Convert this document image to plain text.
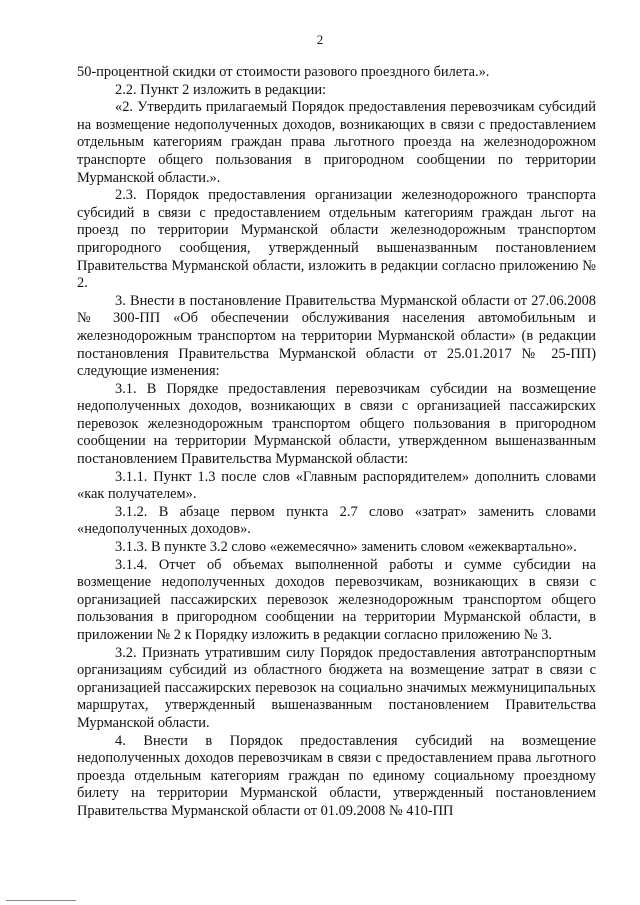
2

50-процентной скидки от стоимости разового проездного билета.».

2.2. Пункт 2 изложить в редакции:

«2. Утвердить прилагаемый Порядок предоставления перевозчикам субсидий на возмещение недополученных доходов, возникающих в связи с предоставлением отдельным категориям граждан права льготного проезда на железнодорожном транспорте общего пользования в пригородном сообщении по территории Мурманской области.».

2.3. Порядок предоставления организации железнодорожного транспорта субсидий в связи с предоставлением отдельным категориям граждан льгот на проезд по территории Мурманской области железнодорожным транспортом пригородного сообщения, утвержденный вышеназванным постановлением Правительства Мурманской области, изложить в редакции согласно приложению № 2.

3. Внести в постановление Правительства Мурманской области от 27.06.2008 № 300-ПП «Об обеспечении обслуживания населения автомобильным и железнодорожным транспортом на территории Мурманской области» (в редакции постановления Правительства Мурманской области от 25.01.2017 № 25-ПП) следующие изменения:

3.1. В Порядке предоставления перевозчикам субсидии на возмещение недополученных доходов, возникающих в связи с организацией пассажирских перевозок железнодорожным транспортом общего пользования в пригородном сообщении на территории Мурманской области, утвержденном вышеназванным постановлением Правительства Мурманской области:

3.1.1. Пункт 1.3 после слов «Главным распорядителем» дополнить словами «как получателем».

3.1.2. В абзаце первом пункта 2.7 слово «затрат» заменить словами «недополученных доходов».

3.1.3. В пункте 3.2 слово «ежемесячно» заменить словом «ежеквартально».

3.1.4. Отчет об объемах выполненной работы и сумме субсидии на возмещение недополученных доходов перевозчикам, возникающих в связи с организацией пассажирских перевозок железнодорожным транспортом общего пользования в пригородном сообщении на территории Мурманской области, в приложении № 2 к Порядку изложить в редакции согласно приложению № 3.

3.2. Признать утратившим силу Порядок предоставления автотранспортным организациям субсидий из областного бюджета на возмещение затрат в связи с организацией пассажирских перевозок на социально значимых межмуниципальных маршрутах, утвержденный вышеназванным постановлением Правительства Мурманской области.

4. Внести в Порядок предоставления субсидий на возмещение недополученных доходов перевозчикам в связи с предоставлением права льготного проезда отдельным категориям граждан по единому социальному проездному билету на территории Мурманской области, утвержденный постановлением Правительства Мурманской области от 01.09.2008 № 410-ПП
